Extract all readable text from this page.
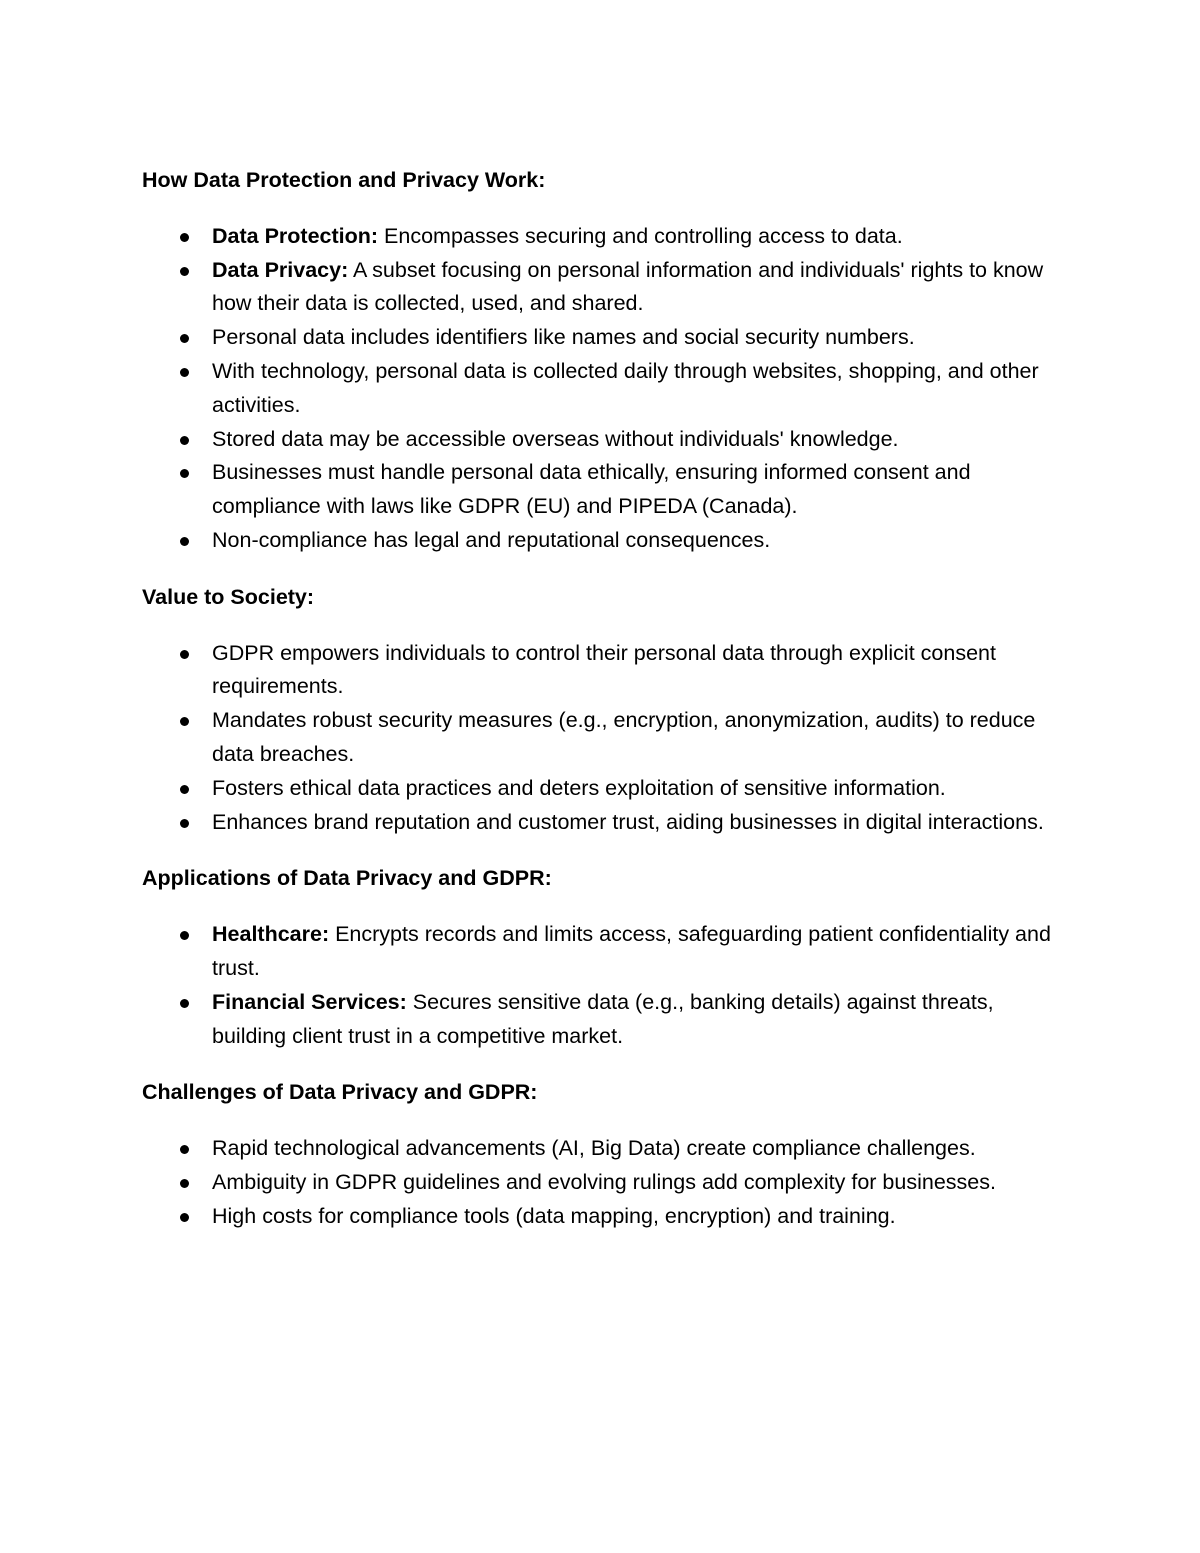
How Data Protection and Privacy Work:
Data Protection: Encompasses securing and controlling access to data.
Data Privacy: A subset focusing on personal information and individuals' rights to know how their data is collected, used, and shared.
Personal data includes identifiers like names and social security numbers.
With technology, personal data is collected daily through websites, shopping, and other activities.
Stored data may be accessible overseas without individuals' knowledge.
Businesses must handle personal data ethically, ensuring informed consent and compliance with laws like GDPR (EU) and PIPEDA (Canada).
Non-compliance has legal and reputational consequences.
Value to Society:
GDPR empowers individuals to control their personal data through explicit consent requirements.
Mandates robust security measures (e.g., encryption, anonymization, audits) to reduce data breaches.
Fosters ethical data practices and deters exploitation of sensitive information.
Enhances brand reputation and customer trust, aiding businesses in digital interactions.
Applications of Data Privacy and GDPR:
Healthcare: Encrypts records and limits access, safeguarding patient confidentiality and trust.
Financial Services: Secures sensitive data (e.g., banking details) against threats, building client trust in a competitive market.
Challenges of Data Privacy and GDPR:
Rapid technological advancements (AI, Big Data) create compliance challenges.
Ambiguity in GDPR guidelines and evolving rulings add complexity for businesses.
High costs for compliance tools (data mapping, encryption) and training.
